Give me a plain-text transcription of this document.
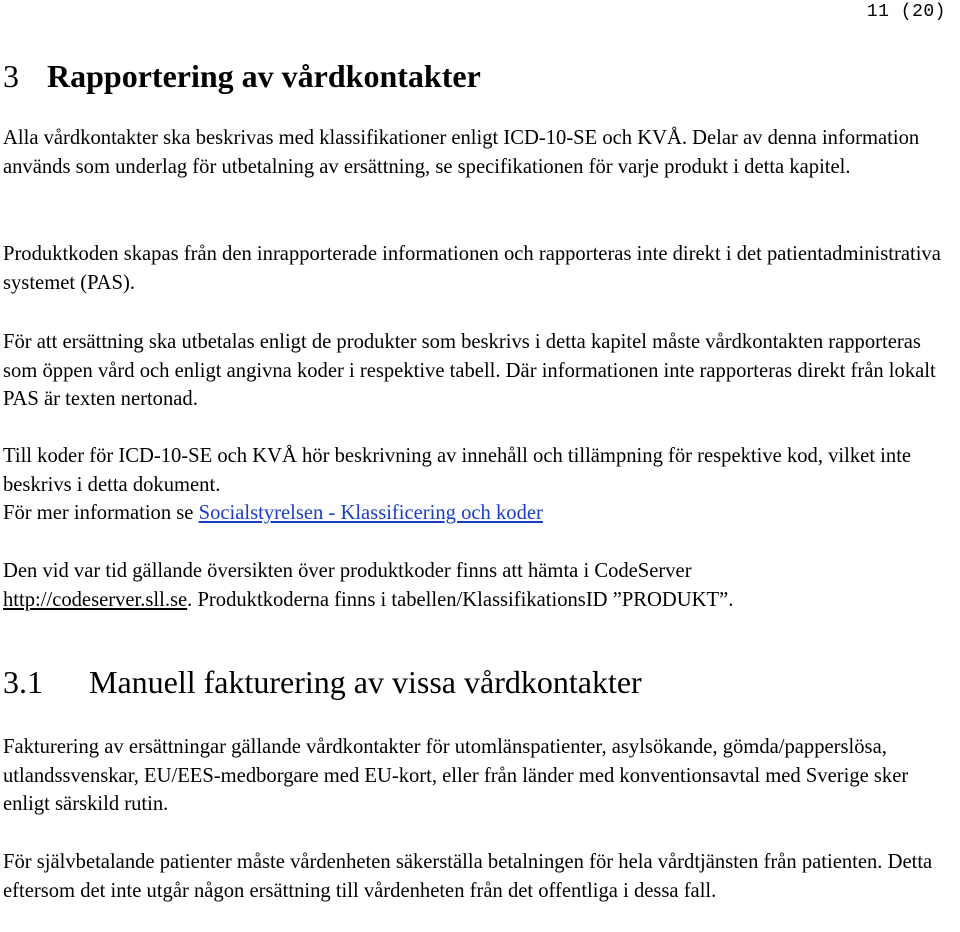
11 (20)
3 Rapportering av vårdkontakter
Alla vårdkontakter ska beskrivas med klassifikationer enligt ICD-10-SE och KVÅ. Delar av denna information används som underlag för utbetalning av ersättning, se specifikationen för varje produkt i detta kapitel.
Produktkoden skapas från den inrapporterade informationen och rapporteras inte direkt i det patientadministrativa systemet (PAS).
För att ersättning ska utbetalas enligt de produkter som beskrivs i detta kapitel måste vårdkontakten rapporteras som öppen vård och enligt angivna koder i respektive tabell. Där informationen inte rapporteras direkt från lokalt PAS är texten nertonad.
Till koder för ICD-10-SE och KVÅ hör beskrivning av innehåll och tillämpning för respektive kod, vilket inte beskrivs i detta dokument.
För mer information se Socialstyrelsen - Klassificering och koder
Den vid var tid gällande översikten över produktkoder finns att hämta i CodeServer
http://codeserver.sll.se. Produktkoderna finns i tabellen/KlassifikationsID ”PRODUKT”.
3.1 Manuell fakturering av vissa vårdkontakter
Fakturering av ersättningar gällande vårdkontakter för utomlänspatienter, asylsökande, gömda/papperslösa, utlandssvenskar, EU/EES-medborgare med EU-kort, eller från länder med konventionsavtal med Sverige sker enligt särskild rutin.
För självbetalande patienter måste vårdenheten säkerställa betalningen för hela vårdtjänsten från patienten. Detta eftersom det inte utgår någon ersättning till vårdenheten från det offentliga i dessa fall.
